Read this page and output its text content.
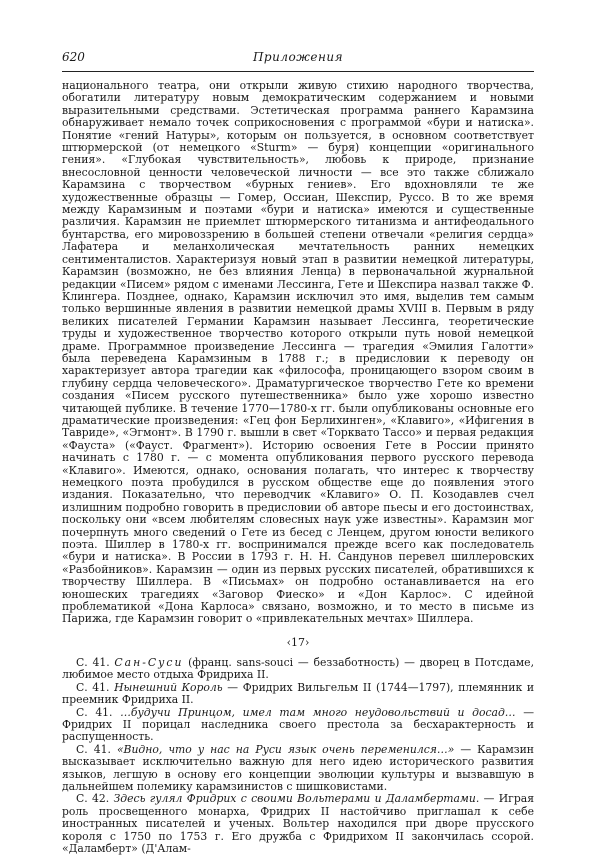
620	Приложения

национального театра, они открыли живую стихию народного творчества, обогатили литературу новым демократическим содержанием и новыми выразительными средствами. Эстетическая программа раннего Карамзина обнаруживает немало точек соприкосновения с программой «бури и натиска». Понятие «гений Натуры», которым он пользуется, в основном соответствует штюрмерской (от немецкого «Sturm» — буря) концепции «оригинального гения». «Глубокая чувствительность», любовь к природе, признание внесословной ценности человеческой личности — все это также сближало Карамзина с творчеством «бурных гениев». Его вдохновляли те же художественные образцы — Гомер, Оссиан, Шекспир, Руссо. В то же время между Карамзиным и поэтами «бури и натиска» имеются и существенные различия. Карамзин не приемлет штюрмерского титанизма и антифеодального бунтарства, его мировоззрению в большей степени отвечали «религия сердца» Лафатера и меланхолическая мечтательность ранних немецких сентименталистов. Характеризуя новый этап в развитии немецкой литературы, Карамзин (возможно, не без влияния Ленца) в первоначальной журнальной редакции «Писем» рядом с именами Лессинга, Гете и Шекспира назвал также Ф. Клингера. Позднее, однако, Карамзин исключил это имя, выделив тем самым только вершинные явления в развитии немецкой драмы XVIII в. Первым в ряду великих писателей Германии Карамзин называет Лессинга, теоретические труды и художественное творчество которого открыли путь новой немецкой драме. Программное произведение Лессинга — трагедия «Эмилия Галотти» была переведена Карамзиным в 1788 г.; в предисловии к переводу он характеризует автора трагедии как «философа, проницающего взором своим в глубину сердца человеческого». Драматургическое творчество Гете ко времени создания «Писем русского путешественника» было уже хорошо известно читающей публике. В течение 1770—1780-х гг. были опубликованы основные его драматические произведения: «Гец фон Берлихинген», «Клавиго», «Ифигения в Тавриде», «Эгмонт». В 1790 г. вышли в свет «Торквато Тассо» и первая редакция «Фауста» («Фауст. Фрагмент»). Историю освоения Гете в России принято начинать с 1780 г. — с момента опубликования первого русского перевода «Клавиго». Имеются, однако, основания полагать, что интерес к творчеству немецкого поэта пробудился в русском обществе еще до появления этого издания. Показательно, что переводчик «Клавиго» О. П. Козодавлев счел излишним подробно говорить в предисловии об авторе пьесы и его достоинствах, поскольку они «всем любителям словесных наук уже известны». Карамзин мог почерпнуть много сведений о Гете из бесед с Ленцем, другом юности великого поэта. Шиллер в 1780-х гг. воспринимался прежде всего как последователь «бури и натиска». В России в 1793 г. Н. Н. Сандунов перевел шиллеровских «Разбойников». Карамзин — один из первых русских писателей, обратившихся к творчеству Шиллера. В «Письмах» он подробно останавливается на его юношеских трагедиях «Заговор Фиеско» и «Дон Карлос». С идейной проблематикой «Дона Карлоса» связано, возможно, и то место в письме из Парижа, где Карамзин говорит о «привлекательных мечтах» Шиллера.

‹17›

С. 41. Сан-Суси (франц. sans-souci — беззаботность) — дворец в Потсдаме, любимое место отдыха Фридриха II.

С. 41. Нынешний Король — Фридрих Вильгельм II (1744—1797), племянник и преемник Фридриха II.

С. 41. …будучи Принцом, имел там много неудовольствий и досад… — Фридрих II порицал наследника своего престола за бесхарактерность и распущенность.

С. 41. «Видно, что у нас на Руси язык очень переменился…» — Карамзин высказывает исключительно важную для него идею исторического развития языков, легшую в основу его концепции эволюции культуры и вызвавшую в дальнейшем полемику карамзинистов с шишковистами.

С. 42. Здесь гулял Фридрих с своими Вольтерами и Даламбертами. — Играя роль просвещенного монарха, Фридрих II настойчиво приглашал к себе иностранных писателей и ученых. Вольтер находился при дворе прусского короля с 1750 по 1753 г. Его дружба с Фридрихом II закончилась ссорой. «Даламберт» (Д'Алам-
